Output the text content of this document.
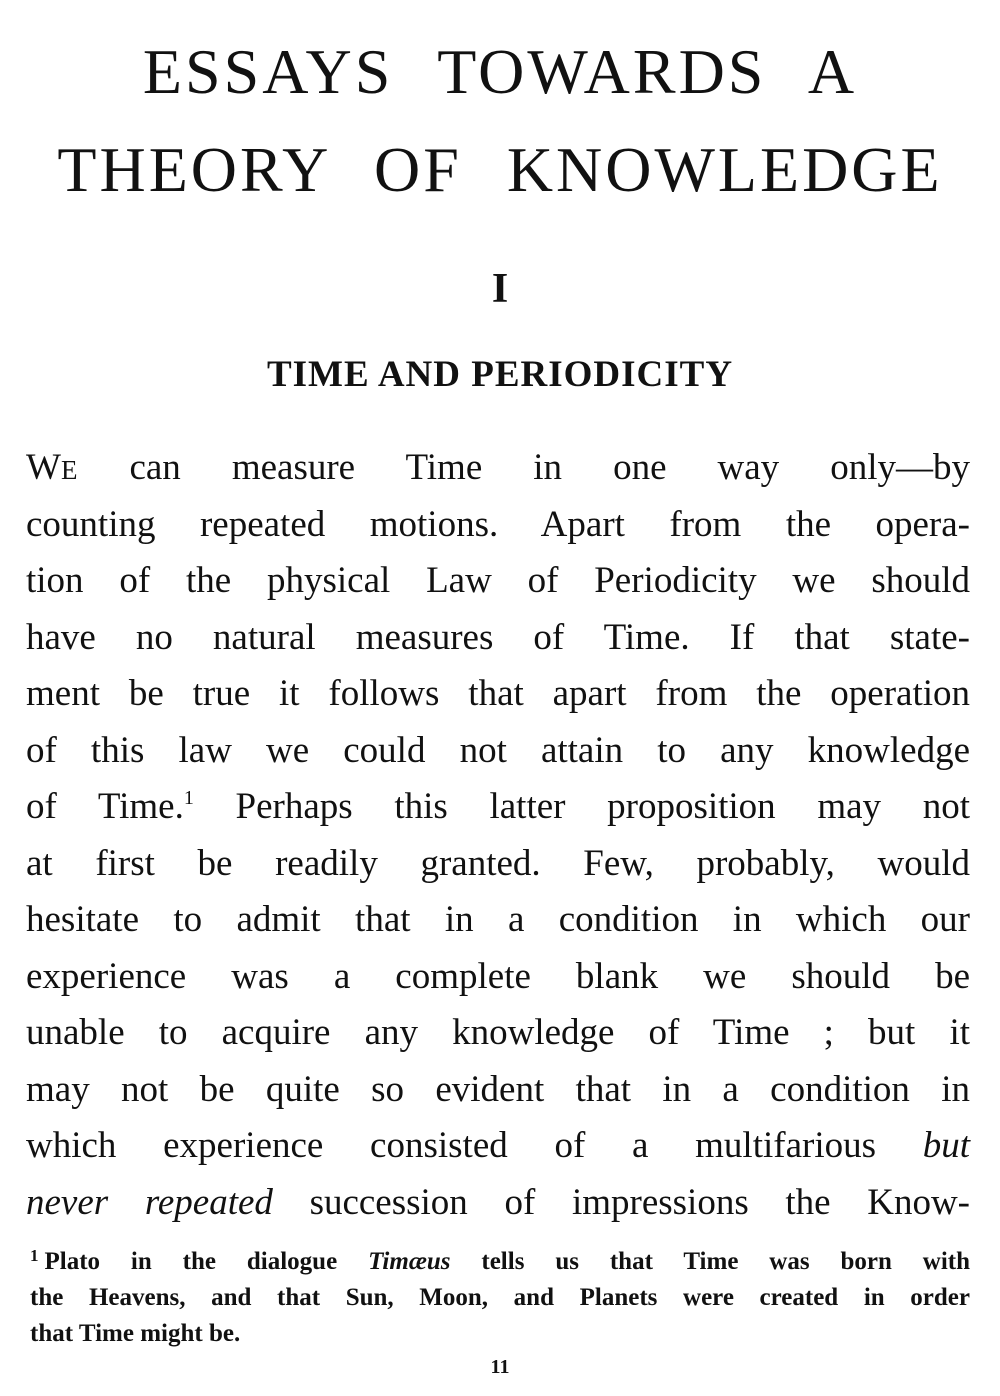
ESSAYS TOWARDS A
THEORY OF KNOWLEDGE
I
TIME AND PERIODICITY
WE can measure Time in one way only—by
counting repeated motions. Apart from the opera-
tion of the physical Law of Periodicity we should
have no natural measures of Time. If that state-
ment be true it follows that apart from the operation
of this law we could not attain to any knowledge
of Time.$^1$ Perhaps this latter proposition may not
at first be readily granted. Few, probably, would
hesitate to admit that in a condition in which our
experience was a complete blank we should be
unable to acquire any knowledge of Time ; but it
may not be quite so evident that in a condition in
which experience consisted of a multifarious but
never repeated succession of impressions the Know-
$^1$ Plato in the dialogue Timæus tells us that Time was born with
the Heavens, and that Sun, Moon, and Planets were created in order
that Time might be.
11
